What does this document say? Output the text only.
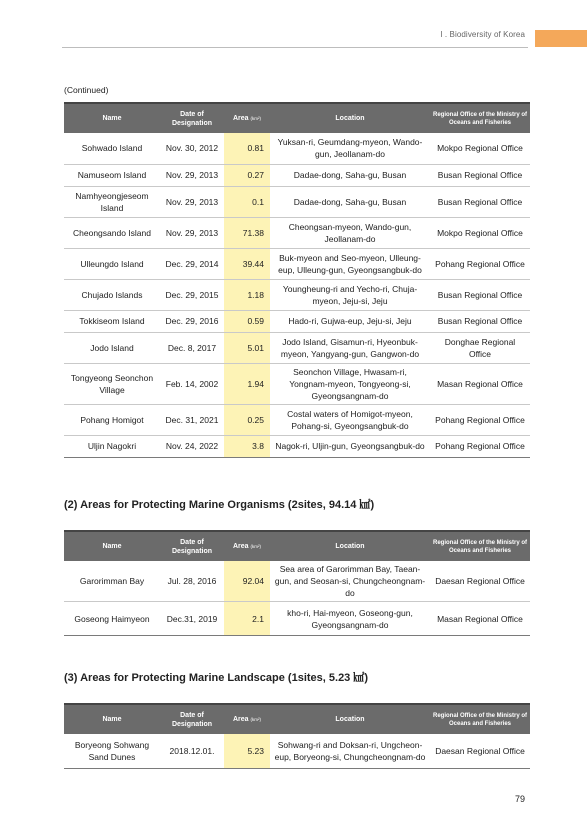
I . Biodiversity of Korea
(Continued)
Name	Date of Designation	Area (km²)	Location	Regional Office of the Ministry of Oceans and Fisheries
Sohwado Island	Nov. 30, 2012	0.81	Yuksan-ri, Geumdang-myeon, Wando-gun, Jeollanam-do	Mokpo Regional Office
Namuseom Island	Nov. 29, 2013	0.27	Dadae-dong, Saha-gu, Busan	Busan Regional Office
Namhyeongjeseom Island	Nov. 29, 2013	0.1	Dadae-dong, Saha-gu, Busan	Busan Regional Office
Cheongsando Island	Nov. 29, 2013	71.38	Cheongsan-myeon, Wando-gun, Jeollanam-do	Mokpo Regional Office
Ulleungdo Island	Dec. 29, 2014	39.44	Buk-myeon and Seo-myeon, Ulleung-eup, Ulleung-gun, Gyeongsangbuk-do	Pohang Regional Office
Chujado Islands	Dec. 29, 2015	1.18	Youngheung-ri and Yecho-ri, Chuja-myeon, Jeju-si, Jeju	Busan Regional Office
Tokkiseom Island	Dec. 29, 2016	0.59	Hado-ri, Gujwa-eup, Jeju-si, Jeju	Busan Regional Office
Jodo Island	Dec. 8, 2017	5.01	Jodo Island, Gisamun-ri, Hyeonbuk-myeon, Yangyang-gun, Gangwon-do	Donghae Regional Office
Tongyeong Seonchon Village	Feb. 14, 2002	1.94	Seonchon Village, Hwasam-ri, Yongnam-myeon, Tongyeong-si, Gyeongsangnam-do	Masan Regional Office
Pohang Homigot	Dec. 31, 2021	0.25	Costal waters of Homigot-myeon, Pohang-si, Gyeongsangbuk-do	Pohang Regional Office
Uljin Nagokri	Nov. 24, 2022	3.8	Nagok-ri, Uljin-gun, Gyeongsangbuk-do	Pohang Regional Office
(2) Areas for Protecting Marine Organisms (2sites, 94.14 ㎢)
Name	Date of Designation	Area (km²)	Location	Regional Office of the Ministry of Oceans and Fisheries
Garorimman Bay	Jul. 28, 2016	92.04	Sea area of Garorimman Bay, Taean-gun, and Seosan-si, Chungcheongnam-do	Daesan Regional Office
Goseong Haimyeon	Dec.31, 2019	2.1	kho-ri, Hai-myeon, Goseong-gun, Gyeongsangnam-do	Masan Regional Office
(3) Areas for Protecting Marine Landscape (1sites, 5.23 ㎢)
Name	Date of Designation	Area (km²)	Location	Regional Office of the Ministry of Oceans and Fisheries
Boryeong Sohwang Sand Dunes	2018.12.01.	5.23	Sohwang-ri and Doksan-ri, Ungcheon-eup, Boryeong-si, Chungcheongnam-do	Daesan Regional Office
79
